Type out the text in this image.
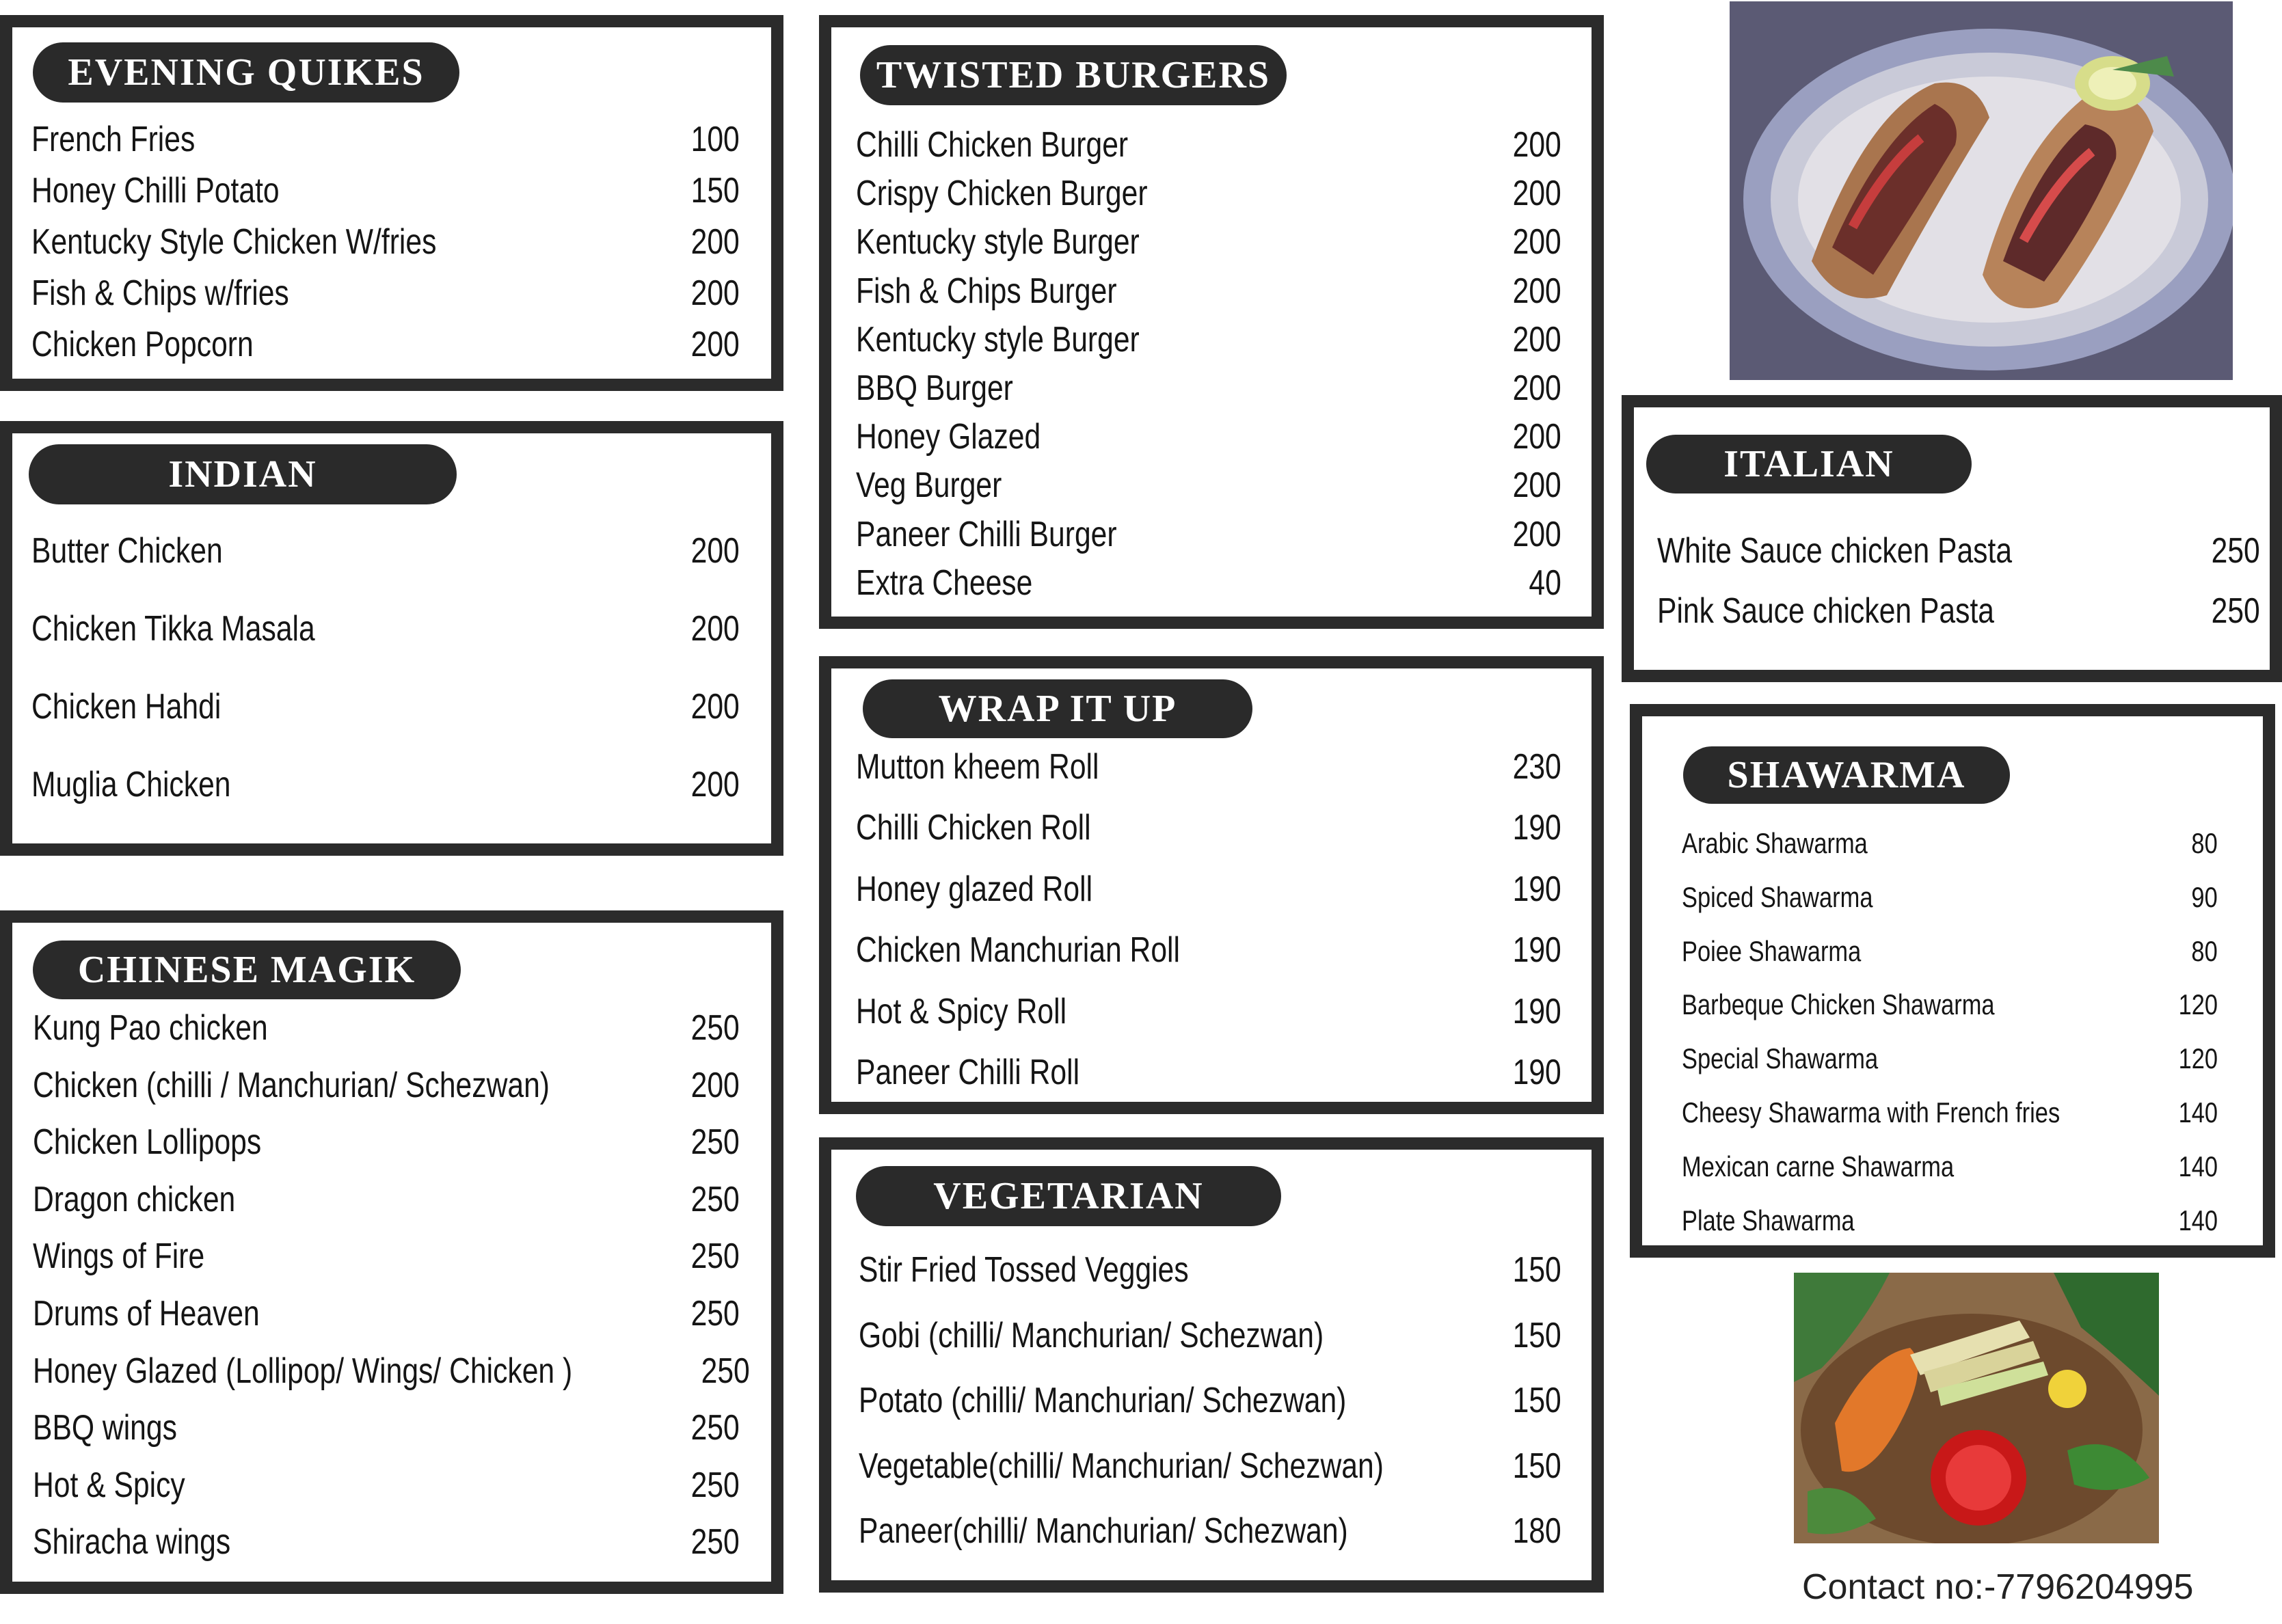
EVENING QUIKES
French Fries	100
Honey Chilli Potato	150
Kentucky Style Chicken W/fries	200
Fish & Chips w/fries	200
Chicken Popcorn	200
INDIAN
Butter Chicken	200
Chicken Tikka Masala	200
Chicken Hahdi	200
Muglia Chicken	200
CHINESE MAGIK
Kung Pao chicken	250
Chicken (chilli / Manchurian/ Schezwan)	200
Chicken Lollipops	250
Dragon chicken	250
Wings of Fire	250
Drums of Heaven	250
Honey Glazed (Lollipop/ Wings/ Chicken )	250
BBQ wings	250
Hot & Spicy	250
Shiracha wings	250
TWISTED BURGERS
Chilli Chicken Burger	200
Crispy Chicken Burger	200
Kentucky style Burger	200
Fish & Chips Burger	200
Kentucky style Burger	200
BBQ Burger	200
Honey Glazed	200
Veg Burger	200
Paneer Chilli Burger	200
Extra Cheese	40
WRAP IT UP
Mutton kheem Roll	230
Chilli Chicken Roll	190
Honey glazed Roll	190
Chicken Manchurian Roll	190
Hot & Spicy Roll	190
Paneer Chilli Roll	190
VEGETARIAN
Stir Fried Tossed Veggies	150
Gobi (chilli/ Manchurian/ Schezwan)	150
Potato (chilli/ Manchurian/ Schezwan)	150
Vegetable(chilli/ Manchurian/ Schezwan)	150
Paneer(chilli/ Manchurian/ Schezwan)	180
ITALIAN
White Sauce chicken Pasta	250
Pink Sauce chicken Pasta	250
SHAWARMA
Arabic Shawarma	80
Spiced Shawarma	90
Poiee Shawarma	80
Barbeque Chicken Shawarma	120
Special Shawarma	120
Cheesy Shawarma with French fries	140
Mexican carne Shawarma	140
Plate Shawarma	140
Contact no:-7796204995
